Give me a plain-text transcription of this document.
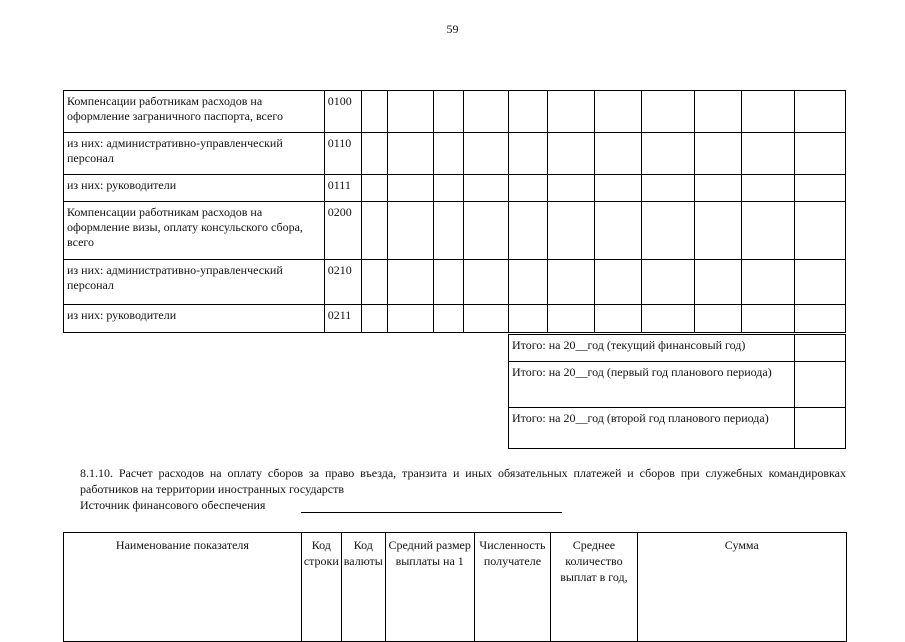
59
Компенсации работникам расходов на оформление заграничного паспорта, всего	0100											
из них: административно-управленческий персонал	0110											
из них: руководители	0111											
Компенсации работникам расходов на оформление визы, оплату консульского сбора, всего	0200											
из них: административно-управленческий персонал	0210											
из них: руководители	0211											
Итого: на 20__год (текущий финансовый год)	
Итого: на 20__год (первый год планового периода)	
Итого: на 20__год (второй год планового периода)	
8.1.10. Расчет расходов на оплату сборов за право въезда, транзита и иных обязательных платежей и сборов при служебных командировках работников на территории иностранных государств
Источник финансового обеспечения
Наименование показателя	Код строки	Код валюты	Средний размер выплаты на 1	Численность получателе	Среднее количество выплат в год,	Сумма
